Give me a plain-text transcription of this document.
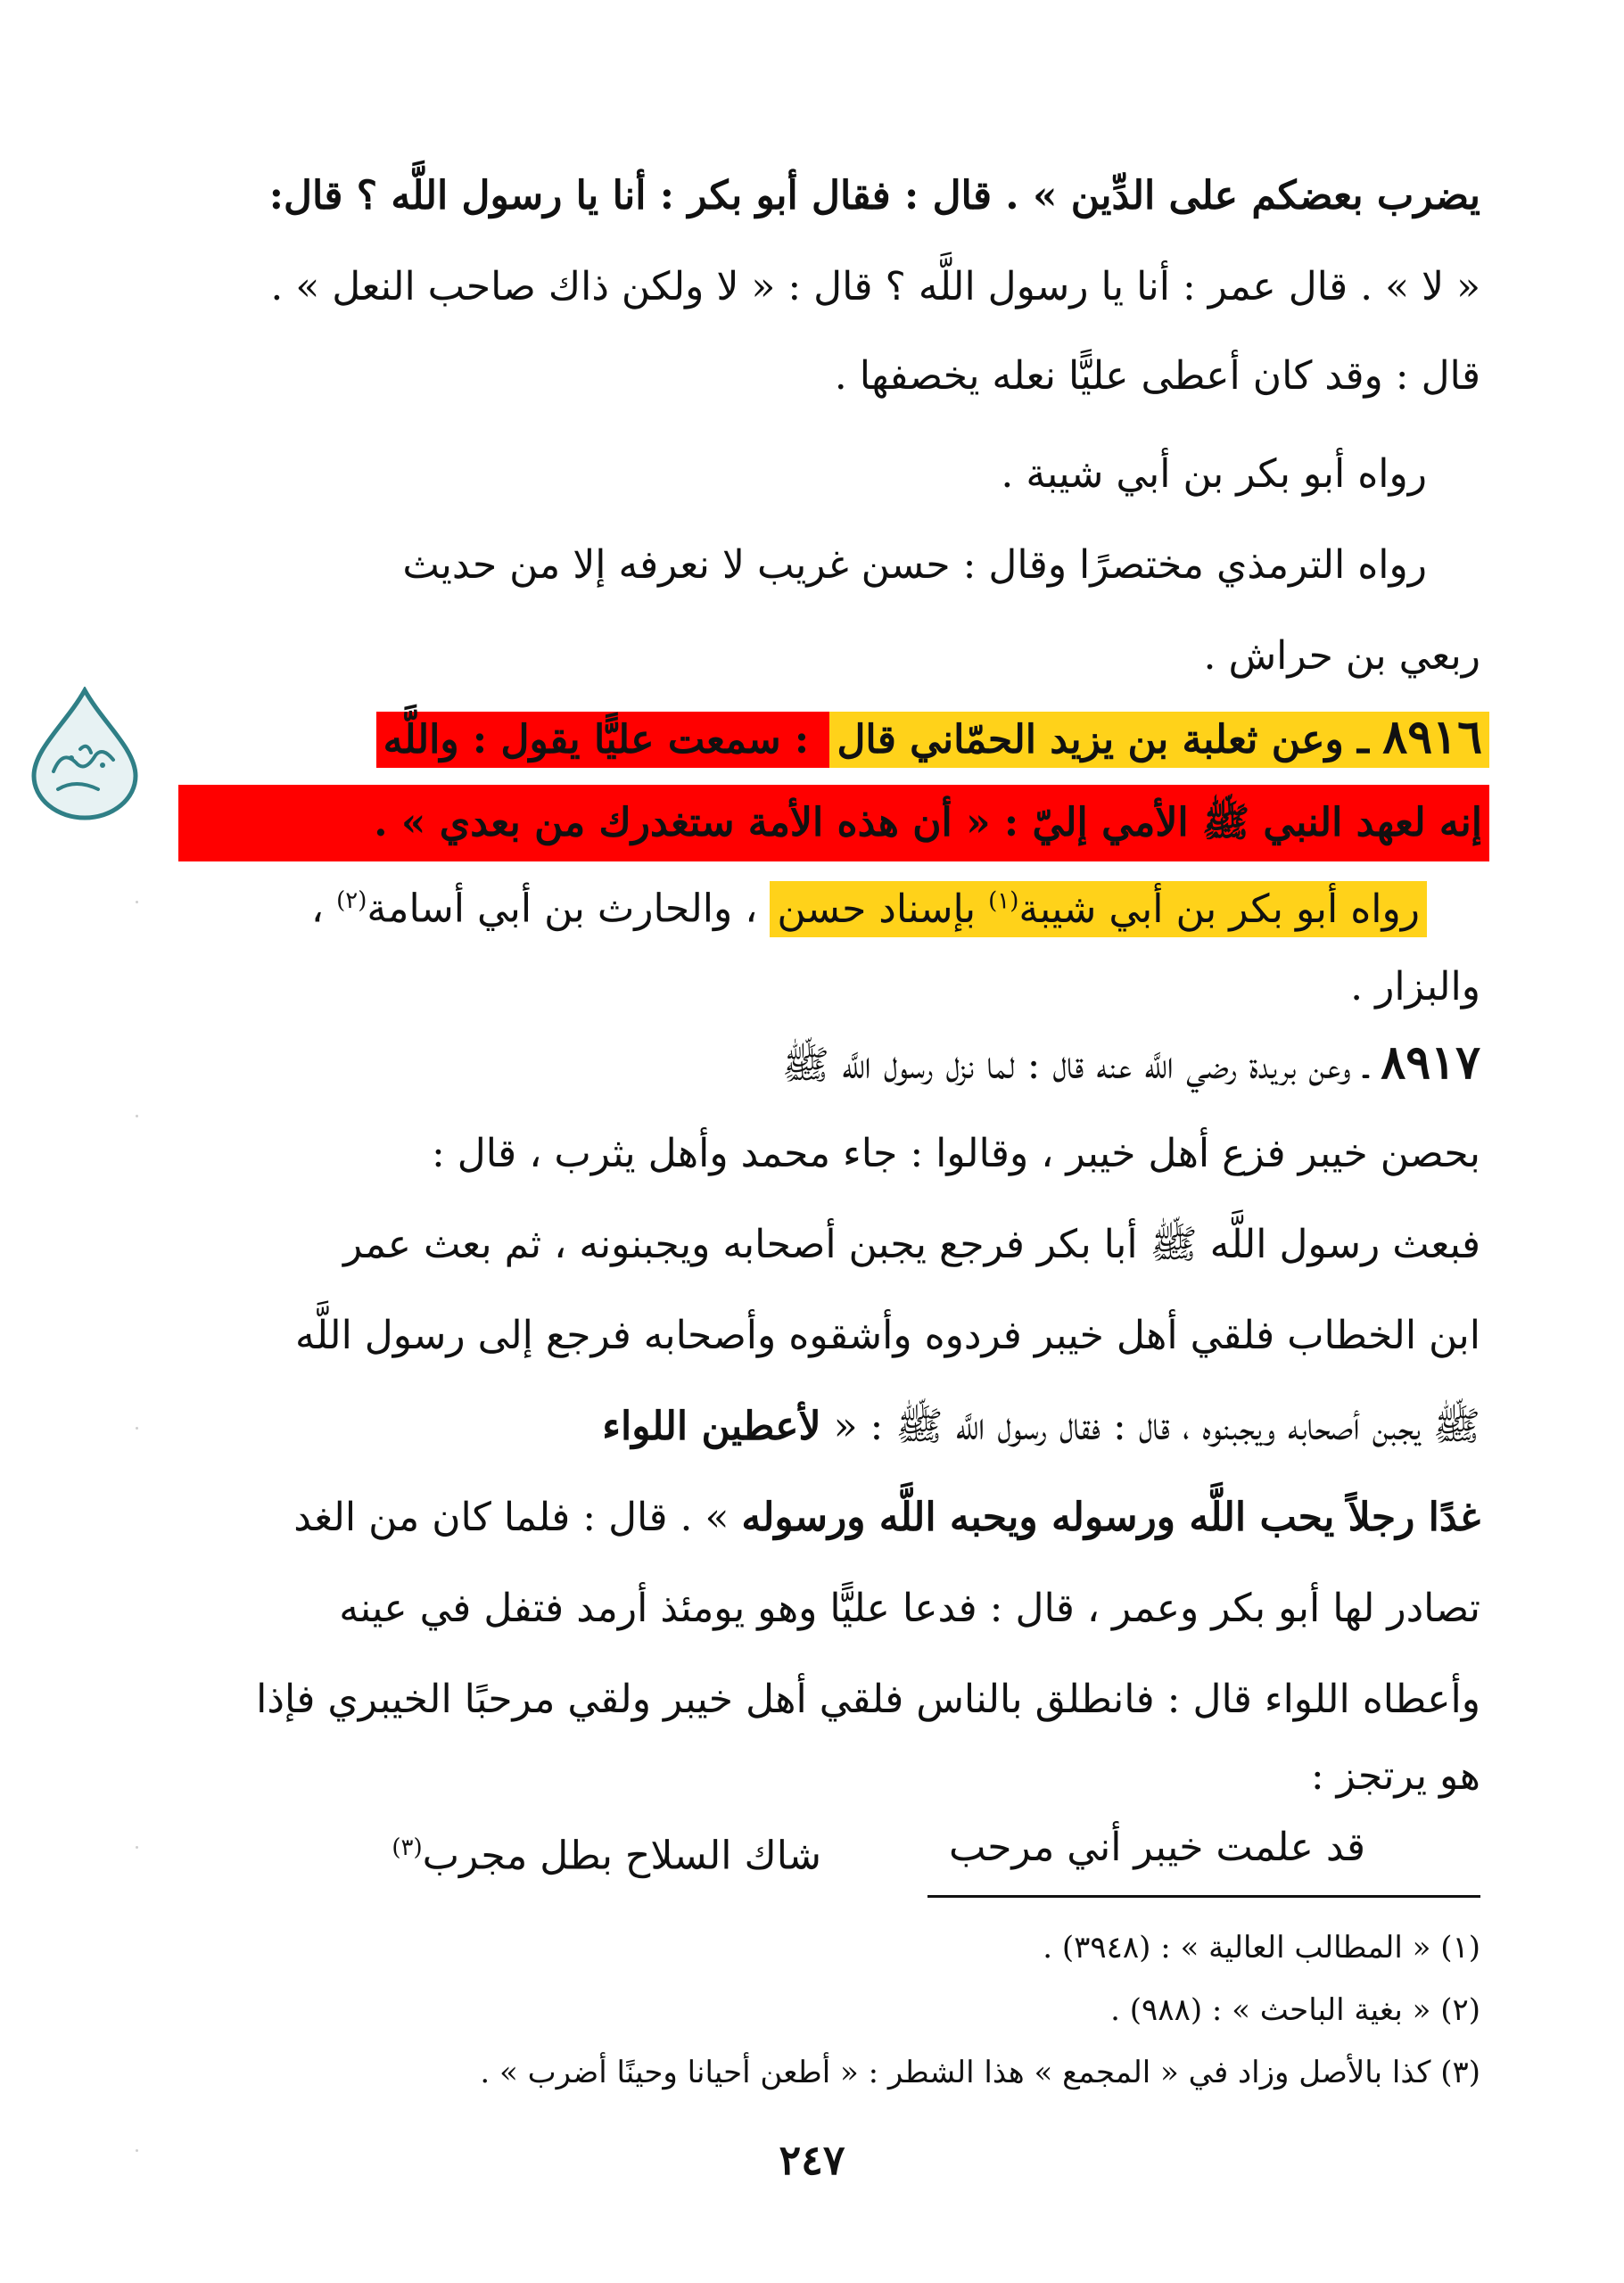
يضرب بعضكم على الدِّين » . قال : فقال أبو بكر : أنا يا رسول اللَّه ؟ قال:
« لا » . قال عمر : أنا يا رسول اللَّه ؟ قال : « لا ولكن ذاك صاحب النعل » .
قال : وقد كان أعطى عليًّا نعله يخصفها .
رواه أبو بكر بن أبي شيبة .
رواه الترمذي مختصرًا وقال : حسن غريب لا نعرفه إلا من حديث
ربعي بن حراش .
٨٩١٦ ـ وعن ثعلبة بن يزيد الحمّاني قال : سمعت عليًّا يقول : واللَّه
إنه لعهد النبي ﷺ الأمي إليّ : « أن هذه الأمة ستغدرك من بعدي » .
رواه أبو بكر بن أبي شيبة$^{(١)}$ بإسناد حسن ، والحارث بن أبي أسامة$^{(٢)}$ ،
والبزار .
٨٩١٧ ـ وعن بريدة رضي اللَّه عنه قال : لما نزل رسول اللَّه ﷺ
بحصن خيبر فزع أهل خيبر ، وقالوا : جاء محمد وأهل يثرب ، قال :
فبعث رسول اللَّه ﷺ أبا بكر فرجع يجبن أصحابه ويجبنونه ، ثم بعث عمر
ابن الخطاب فلقي أهل خيبر فردوه وأشقوه وأصحابه فرجع إلى رسول اللَّه
ﷺ يجبن أصحابه ويجبنوه ، قال : فقال رسول اللَّه ﷺ : « لأعطين اللواء
غدًا رجلاً يحب اللَّه ورسوله ويحبه اللَّه ورسوله » . قال : فلما كان من الغد
تصادر لها أبو بكر وعمر ، قال : فدعا عليًّا وهو يومئذ أرمد فتفل في عينه
وأعطاه اللواء قال : فانطلق بالناس فلقي أهل خيبر ولقي مرحبًا الخيبري فإذا
هو يرتجز :
قد علمت خيبر أني مرحب
شاك السلاح بطل مجرب$^{(٣)}$
(١) « المطالب العالية » : (٣٩٤٨) .
(٢) « بغية الباحث » : (٩٨٨) .
(٣) كذا بالأصل وزاد في « المجمع » هذا الشطر : « أطعن أحيانا وحينًا أضرب » .
٢٤٧
